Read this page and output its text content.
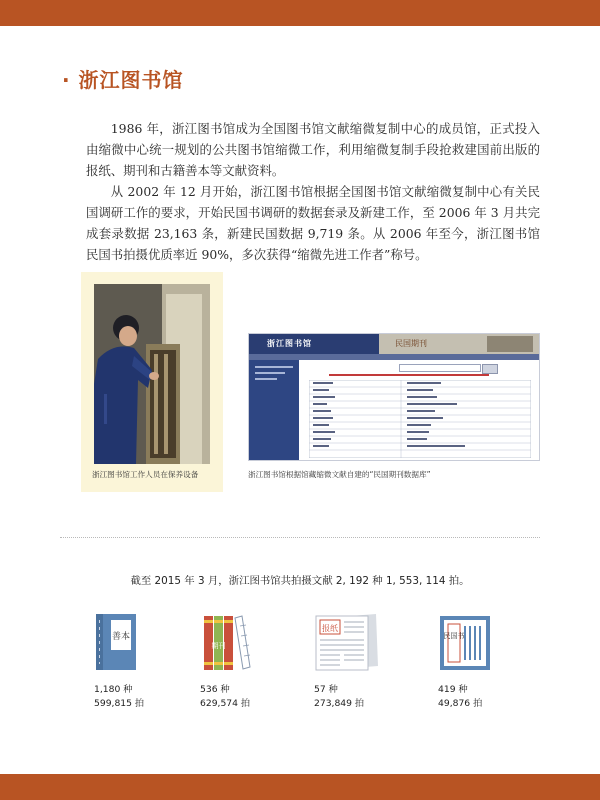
· 浙江图书馆

1986 年，浙江图书馆成为全国图书馆文献缩微复制中心的成员馆，正式投入由缩微中心统一规划的公共图书馆缩微工作，利用缩微复制手段抢救建国前出版的报纸、期刊和古籍善本等文献资料。

从 2002 年 12 月开始，浙江图书馆根据全国图书馆文献缩微复制中心有关民国调研工作的要求，开始民国书调研的数据套录及新建工作，至 2006 年 3 月共完成套录数据 23,163 条，新建民国数据 9,719 条。从 2006 年至今，浙江图书馆民国书拍摄优质率近 90%，多次获得“缩微先进工作者”称号。

浙江图书馆工作人员在保养设备
浙江图书馆	民国期刊
浙江图书馆根据馆藏缩微文献自建的“民国期刊数据库”
截至 2015 年 3 月，浙江图书馆共拍摄文献 2, 192 种 1, 553, 114 拍。
善本
期刊
报纸
民国书
1,180 种
599,815 拍
536 种
629,574 拍
57 种
273,849 拍
419 种
49,876 拍
